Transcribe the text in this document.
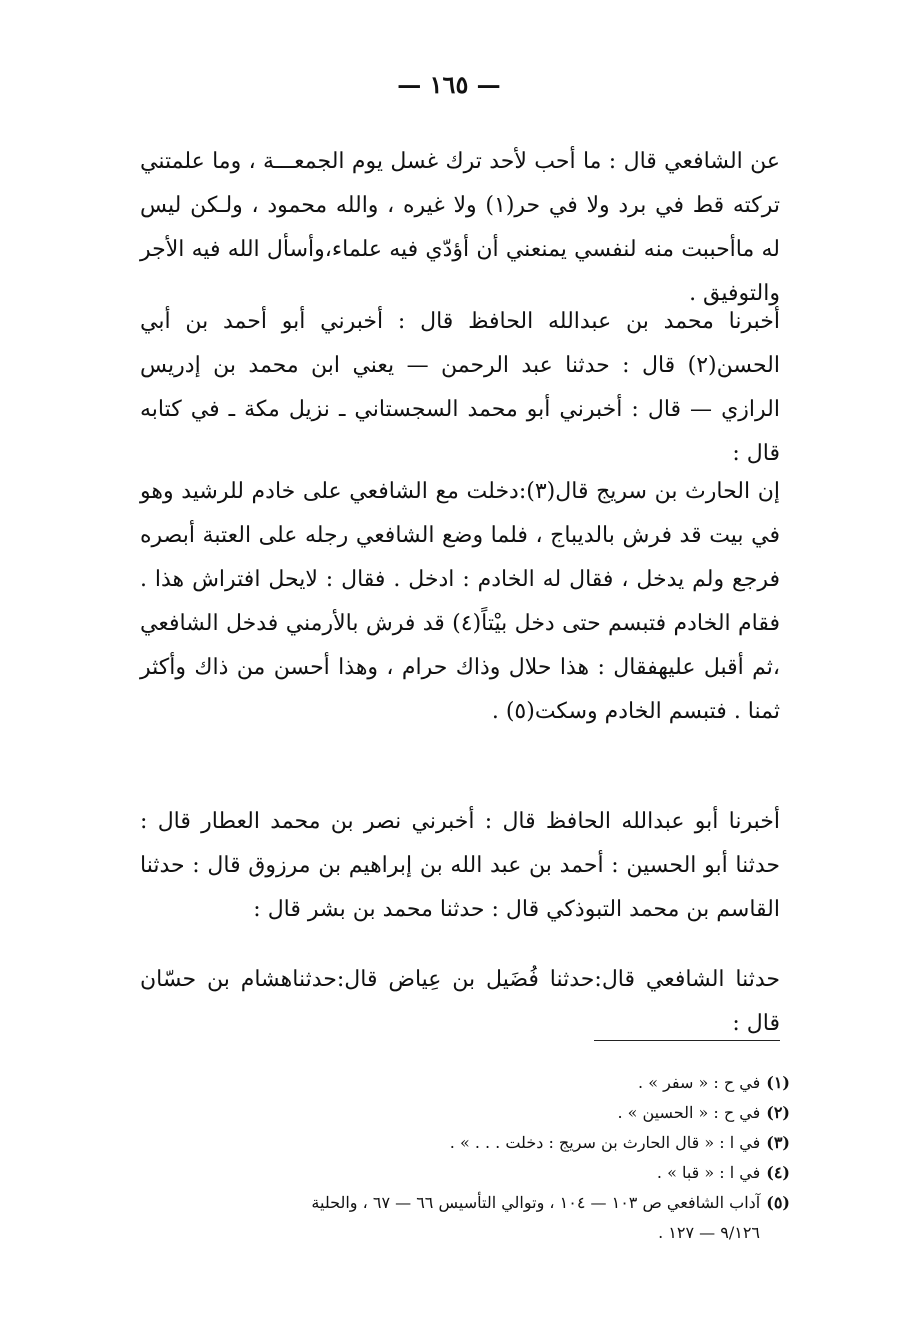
— ١٦٥ —

عن الشافعي قال : ما أحب لأحد ترك غسل يوم الجمعـــة ، وما علمتني تركته قط في برد ولا في حر(١) ولا غيره ، والله محمود ، ولـكن ليس له ماأحببت منه لنفسي يمنعني أن أؤدّي فيه علماء،وأسأل الله فيه الأجر والتوفيق .

أخبرنا محمد بن عبدالله الحافظ قال : أخبرني أبو أحمد بن أبي الحسن(٢) قال : حدثنا عبد الرحمن — يعني ابن محمد بن إدريس الرازي — قال : أخبرني أبو محمد السجستاني ـ نزيل مكة ـ في كتابه قال :

إن الحارث بن سريج قال(٣):دخلت مع الشافعي على خادم للرشيد وهو في بيت قد فرش بالديباج ، فلما وضع الشافعي رجله على العتبة أبصره فرجع ولم يدخل ، فقال له الخادم : ادخل . فقال : لايحل افتراش هذا . فقام الخادم فتبسم حتى دخل بيْتاً(٤) قد فرش بالأرمني فدخل الشافعي ،ثم أقبل عليهفقال : هذا حلال وذاك حرام ، وهذا أحسن من ذاك وأكثر ثمنا . فتبسم الخادم وسكت(٥) .

أخبرنا أبو عبدالله الحافظ قال : أخبرني نصر بن محمد العطار قال : حدثنا أبو الحسين : أحمد بن عبد الله بن إبراهيم بن مرزوق قال : حدثنا القاسم بن محمد التبوذكي قال : حدثنا محمد بن بشر قال :

حدثنا الشافعي قال:حدثنا فُضَيل بن عِياض قال:حدثناهشام بن حسّان قال :

(١)في ح : « سفر » .

(٢)في ح : « الحسين » .

(٣)في ا : « قال الحارث بن سريج : دخلت . . . » .

(٤)في ا : « قبا » .

(٥)آداب الشافعي ص ١٠٣ — ١٠٤ ، وتوالي التأسيس ٦٦ — ٦٧ ، والحلية

٩/١٢٦ — ١٢٧ .
